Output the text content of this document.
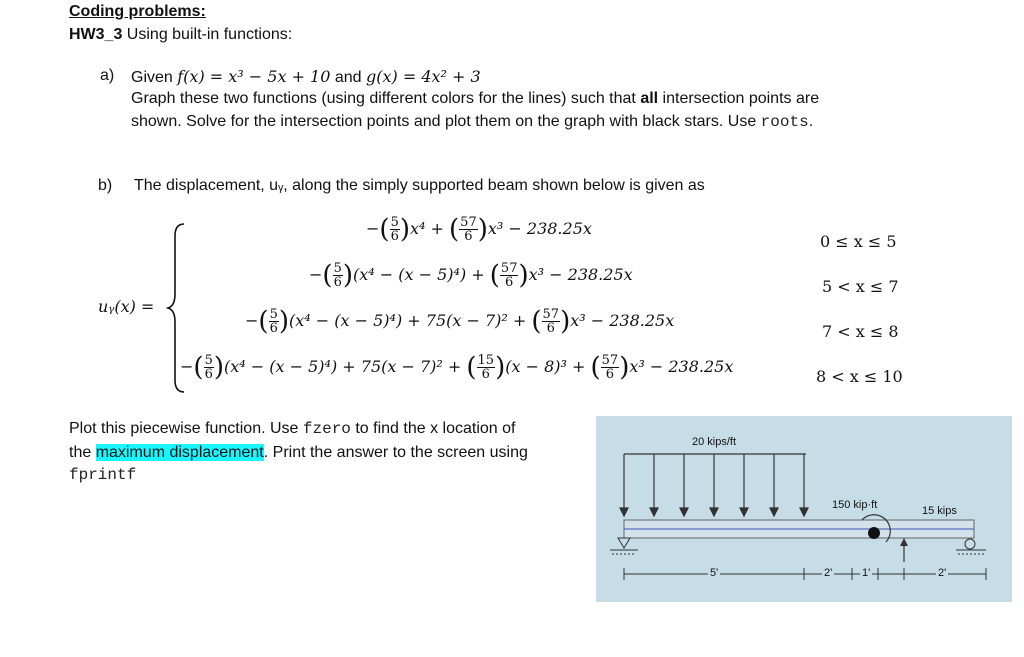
Coding problems:
HW3_3 Using built-in functions:
a) Given f(x) = x³ − 5x + 10 and g(x) = 4x² + 3
Graph these two functions (using different colors for the lines) such that all intersection points are
shown. Solve for the intersection points and plot them on the graph with black stars. Use roots.
b) The displacement, uᵧ, along the simply supported beam shown below is given as
uᵧ(x) =
−( $\frac{5}{6} )x^4$ + ( $\frac{57}{6} )x^3 - 238.25x$
0 ≤ x ≤ 5
−( $\frac{5}{6} )(x^4 - (x - 5)^4)$ + ( $\frac{57}{6} )x^3 - 238.25x$
5 < x ≤ 7
−( $\frac{5}{6} )(x^4 - (x - 5)^4) + 75(x - 7)^2$ + ( $\frac{57}{6} )x^3 - 238.25x$
7 < x ≤ 8
−( $\frac{5}{6} )(x^4 - (x - 5)^4) + 75(x - 7)^2$ + ( $\frac{15}{6} )(x - 8)^3$ + ( $\frac{57}{6} )x^3 - 238.25x$
8 < x ≤ 10
Plot this piecewise function. Use fzero to find the x location of
the maximum displacement. Print the answer to the screen using
fprintf
20 kips/ft
150 kip·ft	15 kips
5'	2'	1'	2'
